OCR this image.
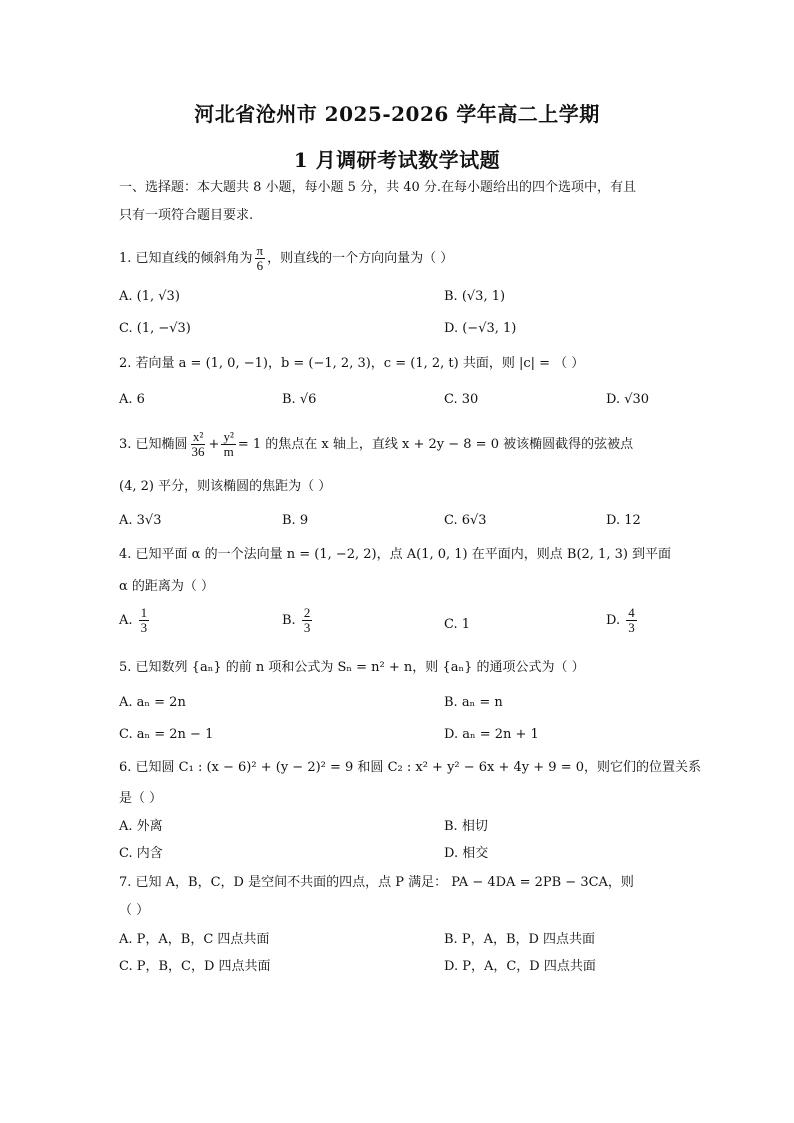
河北省沧州市 2025-2026 学年高二上学期
1 月调研考试数学试题
一、选择题：本大题共 8 小题，每小题 5 分，共 40 分.在每小题给出的四个选项中，有且
只有一项符合题目要求.
1. 已知直线的倾斜角为 $\frac{\pi}{6}$ ，则直线的一个方向向量为（ ）
A. (1, √3)	B. (√3, 1)
C. (1, −√3)	D. (−√3, 1)
2. 若向量 a = (1, 0, −1)，b = (−1, 2, 3)，c = (1, 2, t) 共面，则 |c| = （ ）
A. 6	B. √6	C. 30	D. √30
3. 已知椭圆 $\frac{\text{x²}}{36} + \frac{\text{y²}}{m} = 1$ 的焦点在 x 轴上，直线 x + 2y − 8 = 0 被该椭圆截得的弦被点
(4, 2) 平分，则该椭圆的焦距为（ ）
A. 3√3	B. 9	C. 6√3	D. 12
4. 已知平面 α 的一个法向量 n = (1, −2, 2)，点 A(1, 0, 1) 在平面内，则点 B(2, 1, 3) 到平面
α 的距离为（ ）
A. $\frac{1}{3}$	B. $\frac{2}{3}$	C. 1	D. $\frac{4}{3}$
5. 已知数列 {aₙ} 的前 n 项和公式为 Sₙ = n² + n，则 {aₙ} 的通项公式为（ ）
A. aₙ = 2n	B. aₙ = n
C. aₙ = 2n − 1	D. aₙ = 2n + 1
6. 已知圆 C₁ : (x − 6)² + (y − 2)² = 9 和圆 C₂ : x² + y² − 6x + 4y + 9 = 0，则它们的位置关系
是（ ）
A. 外离	B. 相切
C. 内含	D. 相交
7. 已知 A，B，C，D 是空间不共面的四点，点 P 满足： PA − 4DA = 2PB − 3CA，则
（ ）
A. P，A，B，C 四点共面	B. P，A，B，D 四点共面
C. P，B，C，D 四点共面	D. P，A，C，D 四点共面
